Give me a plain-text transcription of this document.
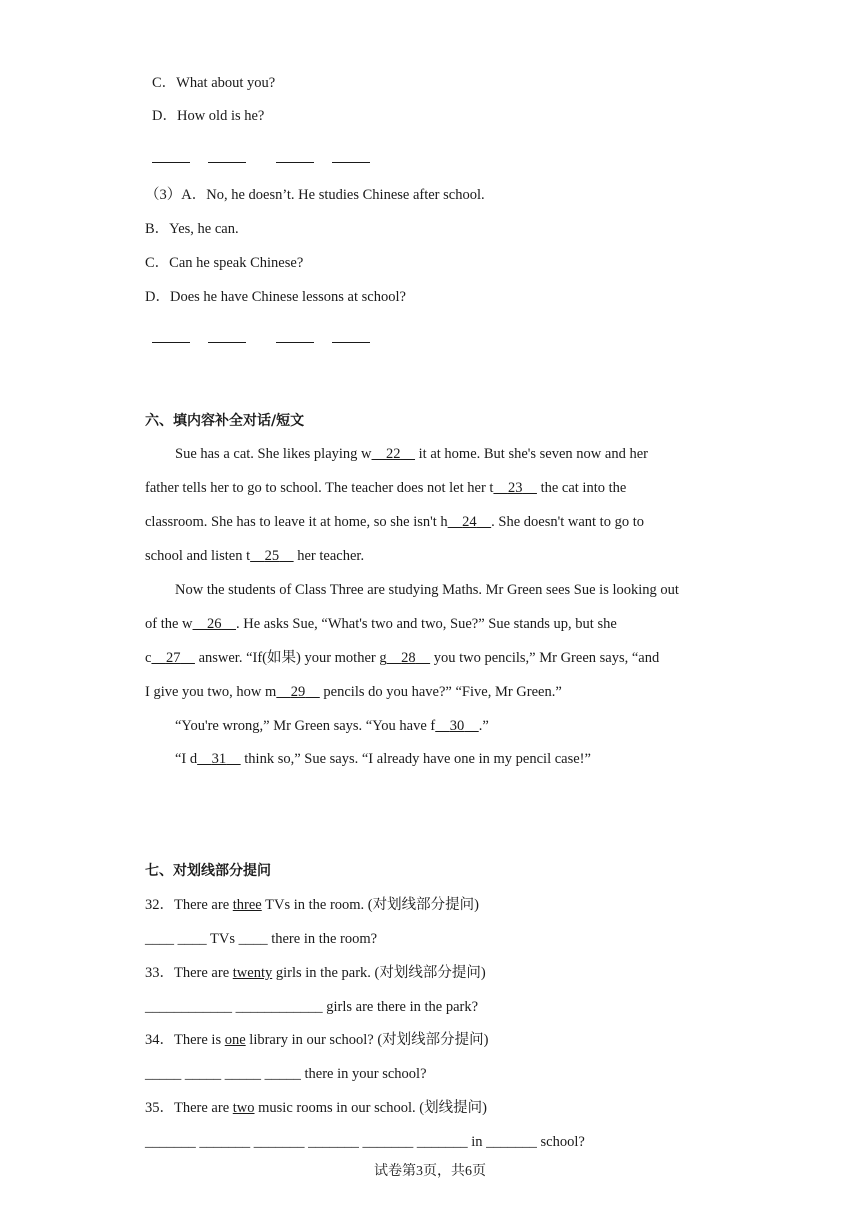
C．What about you?
D．How old is he?
（3）A．No, he doesn’t. He studies Chinese after school.
B．Yes, he can.
C．Can he speak Chinese?
D．Does he have Chinese lessons at school?
六、填内容补全对话/短文
Sue has a cat. She likes playing w 22     it at home. But she's seven now and her
father tells her to go to school. The teacher does not let her t 23     the cat into the
classroom. She has to leave it at home, so she isn't h 24 . She doesn't want to go to
school and listen t 25     her teacher.
Now the students of Class Three are studying Maths. Mr Green sees Sue is looking out
of the w 26 . He asks Sue, “What's two and two, Sue?” Sue stands up, but she
c 27     answer. “If(如果) your mother g 28     you two pencils,” Mr Green says, “and
I give you two, how m 29     pencils do you have?” “Five, Mr Green.”
“You're wrong,” Mr Green says. “You have f 30 .”
“I d 31     think so,” Sue says. “I already have one in my pencil case!”
七、对划线部分提问
32．There are three TVs in the room. (对划线部分提问)
____ ____ TVs ____ there in the room?
33．There are twenty girls in the park. (对划线部分提问)
____________ ____________ girls are there in the park?
34．There is one library in our school? (对划线部分提问)
_____ _____ _____ _____ there in your school?
35．There are two music rooms in our school. (划线提问)
_______ _______ _______ _______ _______ _______ in _______ school?
试卷第3页，共6页
